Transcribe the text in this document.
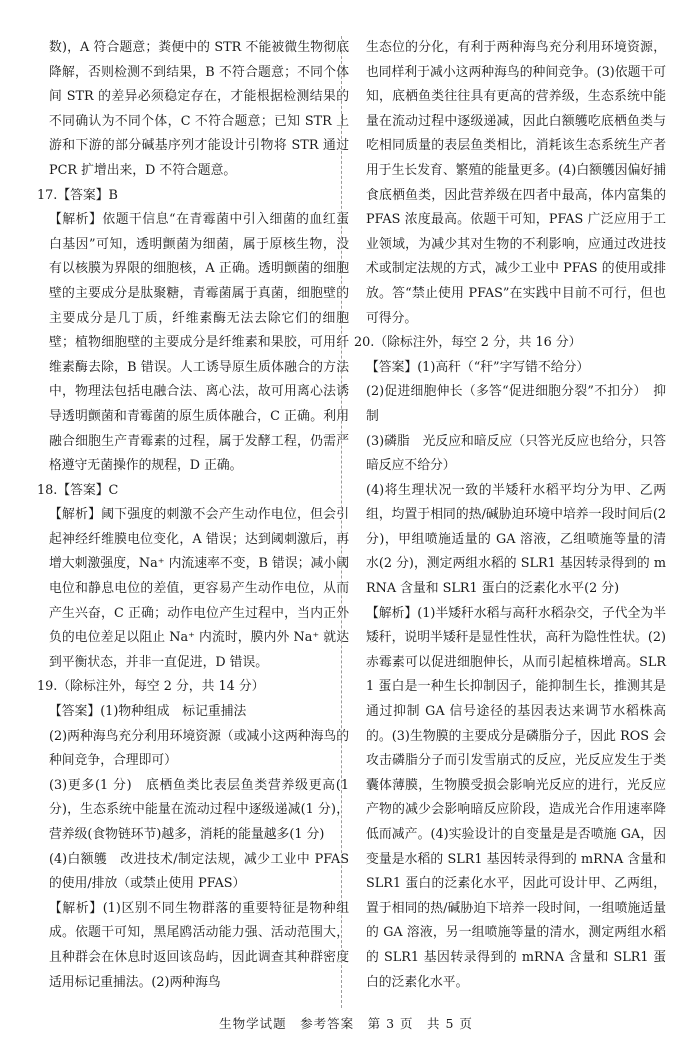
数)，A 符合题意；粪便中的 STR 不能被微生物彻底降解，否则检测不到结果，B 不符合题意；不同个体间 STR 的差异必须稳定存在，才能根据检测结果的不同确认为不同个体，C 不符合题意；已知 STR 上游和下游的部分碱基序列才能设计引物将 STR 通过 PCR 扩增出来，D 不符合题意。

17.【答案】B

【解析】依题干信息“在青霉菌中引入细菌的血红蛋白基因”可知，透明颤菌为细菌，属于原核生物，没有以核膜为界限的细胞核，A 正确。透明颤菌的细胞壁的主要成分是肽聚糖，青霉菌属于真菌，细胞壁的主要成分是几丁质，纤维素酶无法去除它们的细胞壁；植物细胞壁的主要成分是纤维素和果胶，可用纤维素酶去除，B 错误。人工诱导原生质体融合的方法中，物理法包括电融合法、离心法，故可用离心法诱导透明颤菌和青霉菌的原生质体融合，C 正确。利用融合细胞生产青霉素的过程，属于发酵工程，仍需严格遵守无菌操作的规程，D 正确。

18.【答案】C

【解析】阈下强度的刺激不会产生动作电位，但会引起神经纤维膜电位变化，A 错误；达到阈刺激后，再增大刺激强度，Na⁺ 内流速率不变，B 错误；减小阈电位和静息电位的差值，更容易产生动作电位，从而产生兴奋，C 正确；动作电位产生过程中，当内正外负的电位差足以阻止 Na⁺ 内流时，膜内外 Na⁺ 就达到平衡状态，并非一直促进，D 错误。

19.（除标注外，每空 2 分，共 14 分）

【答案】(1)物种组成　标记重捕法

(2)两种海鸟充分利用环境资源（或减小这两种海鸟的种间竞争，合理即可）

(3)更多(1 分)　底栖鱼类比表层鱼类营养级更高(1 分)，生态系统中能量在流动过程中逐级递减(1 分)，营养级(食物链环节)越多，消耗的能量越多(1 分)

(4)白额鹱　改进技术/制定法规，减少工业中 PFAS 的使用/排放（或禁止使用 PFAS）

【解析】(1)区别不同生物群落的重要特征是物种组成。依题干可知，黑尾鸥活动能力强、活动范围大，且种群会在休息时返回该岛屿，因此调查其种群密度适用标记重捕法。(2)两种海鸟

生态位的分化，有利于两种海鸟充分利用环境资源，也同样利于减小这两种海鸟的种间竞争。(3)依题干可知，底栖鱼类往往具有更高的营养级，生态系统中能量在流动过程中逐级递减，因此白额鹱吃底栖鱼类与吃相同质量的表层鱼类相比，消耗该生态系统生产者用于生长发育、繁殖的能量更多。(4)白额鹱因偏好捕食底栖鱼类，因此营养级在四者中最高，体内富集的 PFAS 浓度最高。依题干可知，PFAS 广泛应用于工业领域，为减少其对生物的不利影响，应通过改进技术或制定法规的方式，减少工业中 PFAS 的使用或排放。答“禁止使用 PFAS”在实践中目前不可行，但也可得分。

20.（除标注外，每空 2 分，共 16 分）

【答案】(1)高秆（“秆”字写错不给分）

(2)促进细胞伸长（多答“促进细胞分裂”不扣分）　抑制

(3)磷脂　光反应和暗反应（只答光反应也给分，只答暗反应不给分）

(4)将生理状况一致的半矮秆水稻平均分为甲、乙两组，均置于相同的热/碱胁迫环境中培养一段时间后(2 分)，甲组喷施适量的 GA 溶液，乙组喷施等量的清水(2 分)，测定两组水稻的 SLR1 基因转录得到的 mRNA 含量和 SLR1 蛋白的泛素化水平(2 分)

【解析】(1)半矮秆水稻与高秆水稻杂交，子代全为半矮秆，说明半矮秆是显性性状，高秆为隐性性状。(2)赤霉素可以促进细胞伸长，从而引起植株增高。SLR1 蛋白是一种生长抑制因子，能抑制生长，推测其是通过抑制 GA 信号途径的基因表达来调节水稻株高的。(3)生物膜的主要成分是磷脂分子，因此 ROS 会攻击磷脂分子而引发雪崩式的反应，光反应发生于类囊体薄膜，生物膜受损会影响光反应的进行，光反应产物的减少会影响暗反应阶段，造成光合作用速率降低而减产。(4)实验设计的自变量是是否喷施 GA，因变量是水稻的 SLR1 基因转录得到的 mRNA 含量和 SLR1 蛋白的泛素化水平，因此可设计甲、乙两组，置于相同的热/碱胁迫下培养一段时间，一组喷施适量的 GA 溶液，另一组喷施等量的清水，测定两组水稻的 SLR1 基因转录得到的 mRNA 含量和 SLR1 蛋白的泛素化水平。

生物学试题　参考答案　第 3 页　共 5 页
